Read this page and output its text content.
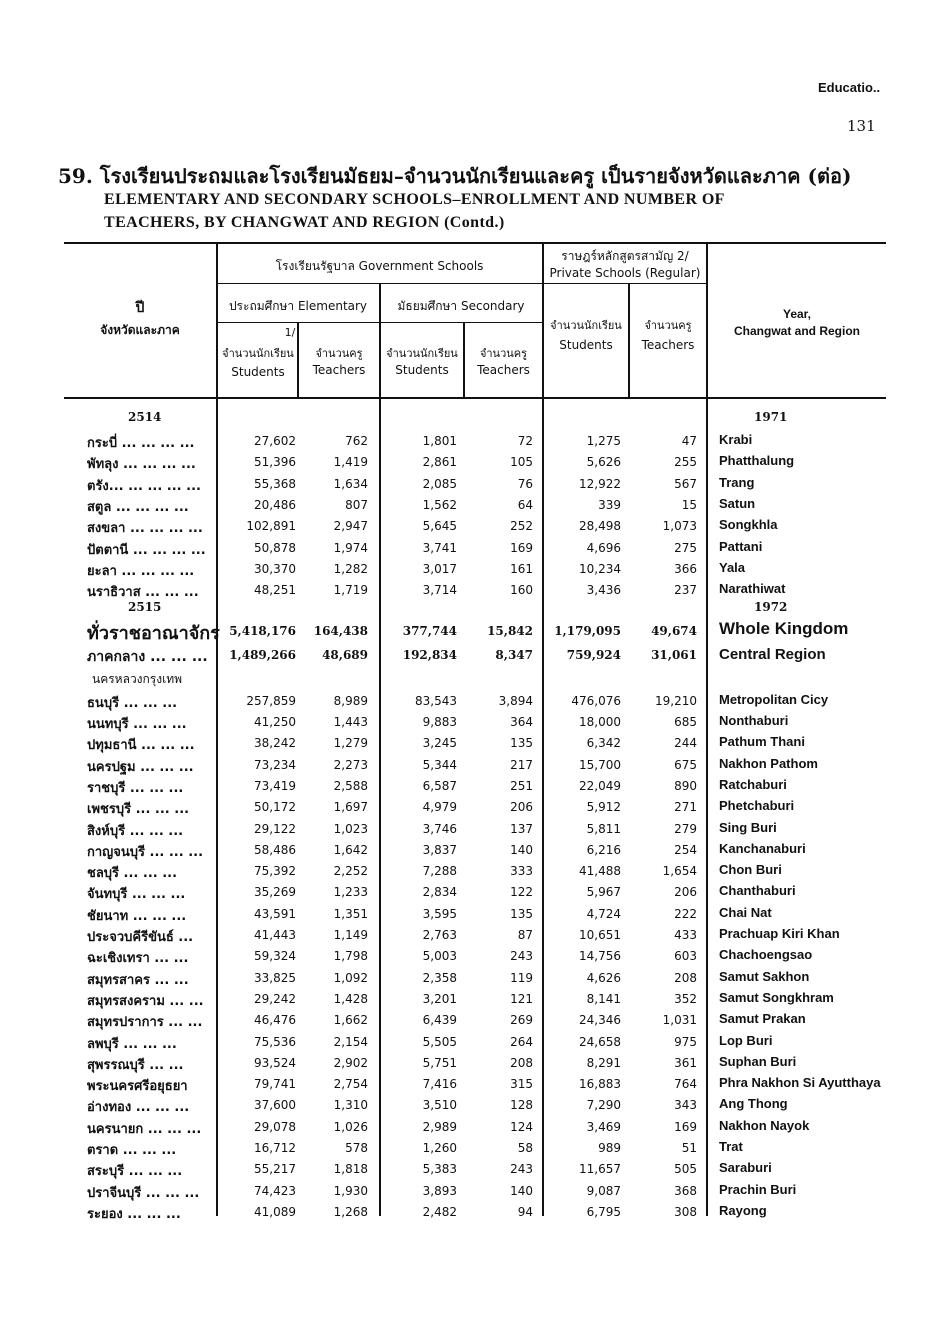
Educatio..
131
59. โรงเรียนประถมและโรงเรียนมัธยม–จำนวนนักเรียนและครู เป็นรายจังหวัดและภาค (ต่อ)
ELEMENTARY AND SECONDARY SCHOOLS–ENROLLMENT AND NUMBER OF
TEACHERS, BY CHANGWAT AND REGION (Contd.)
ปี
จังหวัดและภาค
โรงเรียนรัฐบาล Government Schools
ประถมศึกษา Elementary	มัธยมศึกษา Secondary
ราษฎร์หลักสูตรสามัญ 2/
Private Schools (Regular)
1/
จำนวนนักเรียน
Students
จำนวนครู
Teachers
จำนวนนักเรียน
Students
จำนวนครู
Teachers
จำนวนนักเรียน
Students
จำนวนครู
Teachers
Year,
Changwat and Region
2514	1971
กระบี่ ... ... ... ...	27,602	762	1,801	72	1,275	47 Krabi
พัทลุง ... ... ... ...	51,396	1,419	2,861	105	5,626	255 Phatthalung
ตรัง... ... ... ... ...	55,368	1,634	2,085	76	12,922	567 Trang
สตูล ... ... ... ...	20,486	807	1,562	64	339	15 Satun
สงขลา ... ... ... ...	102,891	2,947	5,645	252	28,498	1,073 Songkhla
ปัตตานี ... ... ... ...	50,878	1,974	3,741	169	4,696	275 Pattani
ยะลา ... ... ... ...	30,370	1,282	3,017	161	10,234	366 Yala
นราธิวาส ... ... ...	48,251	1,719	3,714	160	3,436	237 Narathiwat
2515	1972
ทั่วราชอาณาจักร 5,418,176	164,438	377,744	15,842	1,179,095	49,674 Whole Kingdom
ภาคกลาง ... ... ...	1,489,266	48,689	192,834	8,347	759,924	31,061 Central Region
นครหลวงกรุงเทพ
ธนบุรี ... ... ...	257,859	8,989	83,543	3,894	476,076	19,210 Metropolitan Cicy
นนทบุรี ... ... ...	41,250	1,443	9,883	364	18,000	685 Nonthaburi
ปทุมธานี ... ... ...	38,242	1,279	3,245	135	6,342	244 Pathum Thani
นครปฐม ... ... ...	73,234	2,273	5,344	217	15,700	675 Nakhon Pathom
ราชบุรี ... ... ...	73,419	2,588	6,587	251	22,049	890 Ratchaburi
เพชรบุรี ... ... ...	50,172	1,697	4,979	206	5,912	271 Phetchaburi
สิงห์บุรี ... ... ...	29,122	1,023	3,746	137	5,811	279 Sing Buri
กาญจนบุรี ... ... ...	58,486	1,642	3,837	140	6,216	254 Kanchanaburi
ชลบุรี ... ... ...	75,392	2,252	7,288	333	41,488	1,654 Chon Buri
จันทบุรี ... ... ...	35,269	1,233	2,834	122	5,967	206 Chanthaburi
ชัยนาท ... ... ...	43,591	1,351	3,595	135	4,724	222 Chai Nat
ประจวบคีรีขันธ์ ...	41,443	1,149	2,763	87	10,651	433 Prachuap Kiri Khan
ฉะเชิงเทรา ... ...	59,324	1,798	5,003	243	14,756	603 Chachoengsao
สมุทรสาคร ... ...	33,825	1,092	2,358	119	4,626	208 Samut Sakhon
สมุทรสงคราม ... ...	29,242	1,428	3,201	121	8,141	352 Samut Songkhram
สมุทรปราการ ... ...	46,476	1,662	6,439	269	24,346	1,031 Samut Prakan
ลพบุรี ... ... ...	75,536	2,154	5,505	264	24,658	975 Lop Buri
สุพรรณบุรี ... ...	93,524	2,902	5,751	208	8,291	361 Suphan Buri
พระนครศรีอยุธยา	79,741	2,754	7,416	315	16,883	764 Phra Nakhon Si Ayutthaya
อ่างทอง ... ... ...	37,600	1,310	3,510	128	7,290	343 Ang Thong
นครนายก ... ... ...	29,078	1,026	2,989	124	3,469	169 Nakhon Nayok
ตราด ... ... ...	16,712	578	1,260	58	989	51 Trat
สระบุรี ... ... ...	55,217	1,818	5,383	243	11,657	505 Saraburi
ปราจีนบุรี ... ... ...	74,423	1,930	3,893	140	9,087	368 Prachin Buri
ระยอง ... ... ...	41,089	1,268	2,482	94	6,795	308 Rayong
